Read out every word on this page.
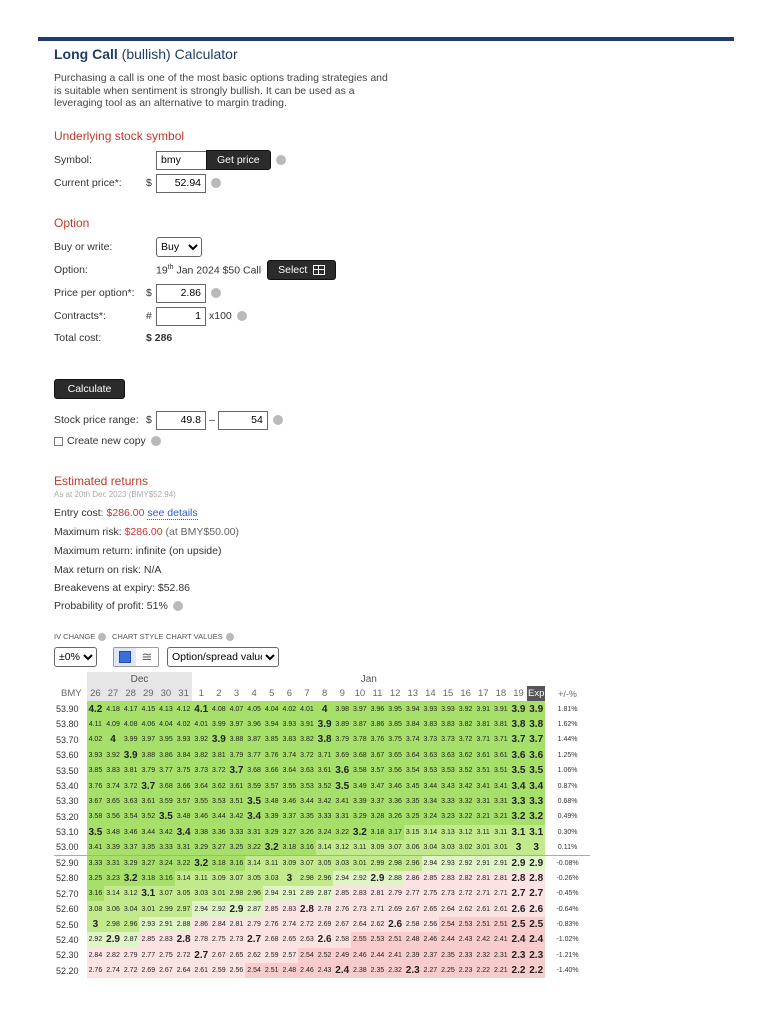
Long Call (bullish) Calculator
Purchasing a call is one of the most basic options trading strategies and is suitable when sentiment is strongly bullish. It can be used as a leveraging tool as an alternative to margin trading.
Underlying stock symbol
Symbol:
bmy	Get price
Current price*:	$
52.94
Option
Buy or write:
Buy
Option:	19th Jan 2024 $50 Call Select
Price per option*:	$
2.86
Contracts*:	#
1	x100
Total cost:	$ 286
Calculate
Stock price range: $
49.8	–
54
Create new copy
Estimated returns
As at 20th Dec 2023 (BMY$52.94)
Entry cost: $286.00 see details
Maximum risk: $286.00 (at BMY$50.00)
Maximum return: infinite (on upside)
Max return on risk: N/A
Breakevens at expiry: $52.86
Probability of profit: 51%
IV CHANGE CHART STYLE CHART VALUES
±0%
≅
Option/spread value
	Dec						Jan																				
BMY	26	27	28	29	30	31	1	2	3	4	5	6	7	8	9	10	11	12	13	14	15	16	17	18	19	Exp	+/-%
53.90	4.2	4.18	4.17	4.15	4.13	4.12	4.1	4.08	4.07	4.05	4.04	4.02	4.01	4	3.98	3.97	3.96	3.95	3.94	3.93	3.93	3.92	3.91	3.91	3.9	3.9	1.81%
53.80	4.11	4.09	4.08	4.06	4.04	4.02	4.01	3.99	3.97	3.96	3.94	3.93	3.91	3.9	3.89	3.87	3.86	3.85	3.84	3.83	3.83	3.82	3.81	3.81	3.8	3.8	1.62%
53.70	4.02	4	3.99	3.97	3.95	3.93	3.92	3.9	3.88	3.87	3.85	3.83	3.82	3.8	3.79	3.78	3.76	3.75	3.74	3.73	3.73	3.72	3.71	3.71	3.7	3.7	1.44%
53.60	3.93	3.92	3.9	3.88	3.86	3.84	3.82	3.81	3.79	3.77	3.76	3.74	3.72	3.71	3.69	3.68	3.67	3.65	3.64	3.63	3.63	3.62	3.61	3.61	3.6	3.6	1.25%
53.50	3.85	3.83	3.81	3.79	3.77	3.75	3.73	3.72	3.7	3.68	3.66	3.64	3.63	3.61	3.6	3.58	3.57	3.56	3.54	3.53	3.53	3.52	3.51	3.51	3.5	3.5	1.06%
53.40	3.76	3.74	3.72	3.7	3.68	3.66	3.64	3.62	3.61	3.59	3.57	3.55	3.53	3.52	3.5	3.49	3.47	3.46	3.45	3.44	3.43	3.42	3.41	3.41	3.4	3.4	0.87%
53.30	3.67	3.65	3.63	3.61	3.59	3.57	3.55	3.53	3.51	3.5	3.48	3.46	3.44	3.42	3.41	3.39	3.37	3.36	3.35	3.34	3.33	3.32	3.31	3.31	3.3	3.3	0.68%
53.20	3.58	3.56	3.54	3.52	3.5	3.48	3.46	3.44	3.42	3.4	3.39	3.37	3.35	3.33	3.31	3.29	3.28	3.26	3.25	3.24	3.23	3.22	3.21	3.21	3.2	3.2	0.49%
53.10	3.5	3.48	3.46	3.44	3.42	3.4	3.38	3.36	3.33	3.31	3.29	3.27	3.26	3.24	3.22	3.2	3.18	3.17	3.15	3.14	3.13	3.12	3.11	3.11	3.1	3.1	0.30%
53.00	3.41	3.39	3.37	3.35	3.33	3.31	3.29	3.27	3.25	3.22	3.2	3.18	3.16	3.14	3.12	3.11	3.09	3.07	3.06	3.04	3.03	3.02	3.01	3.01	3	3	0.11%
52.90	3.33	3.31	3.29	3.27	3.24	3.22	3.2	3.18	3.16	3.14	3.11	3.09	3.07	3.05	3.03	3.01	2.99	2.98	2.96	2.94	2.93	2.92	2.91	2.91	2.9	2.9	-0.08%
52.80	3.25	3.23	3.2	3.18	3.16	3.14	3.11	3.09	3.07	3.05	3.03	3	2.98	2.96	2.94	2.92	2.9	2.88	2.86	2.85	2.83	2.82	2.81	2.81	2.8	2.8	-0.26%
52.70	3.16	3.14	3.12	3.1	3.07	3.05	3.03	3.01	2.98	2.96	2.94	2.91	2.89	2.87	2.85	2.83	2.81	2.79	2.77	2.75	2.73	2.72	2.71	2.71	2.7	2.7	-0.45%
52.60	3.08	3.06	3.04	3.01	2.99	2.97	2.94	2.92	2.9	2.87	2.85	2.83	2.8	2.78	2.76	2.73	2.71	2.69	2.67	2.65	2.64	2.62	2.61	2.61	2.6	2.6	-0.64%
52.50	3	2.98	2.96	2.93	2.91	2.88	2.86	2.84	2.81	2.79	2.76	2.74	2.72	2.69	2.67	2.64	2.62	2.6	2.58	2.56	2.54	2.53	2.51	2.51	2.5	2.5	-0.83%
52.40	2.92	2.9	2.87	2.85	2.83	2.8	2.78	2.75	2.73	2.7	2.68	2.65	2.63	2.6	2.58	2.55	2.53	2.51	2.48	2.46	2.44	2.43	2.42	2.41	2.4	2.4	-1.02%
52.30	2.84	2.82	2.79	2.77	2.75	2.72	2.7	2.67	2.65	2.62	2.59	2.57	2.54	2.52	2.49	2.46	2.44	2.41	2.39	2.37	2.35	2.33	2.32	2.31	2.3	2.3	-1.21%
52.20	2.76	2.74	2.72	2.69	2.67	2.64	2.61	2.59	2.56	2.54	2.51	2.48	2.46	2.43	2.4	2.38	2.35	2.32	2.3	2.27	2.25	2.23	2.22	2.21	2.2	2.2	-1.40%
